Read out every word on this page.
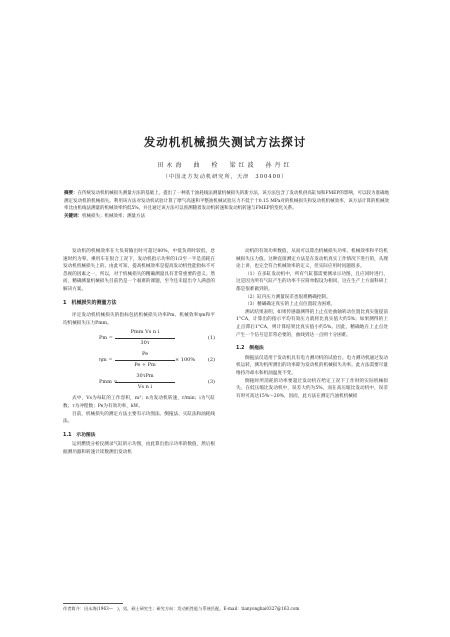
发动机机械损失测试方法探讨
田永海　曲　栓　梁红波　孙丹红
（中国北方发动机研究所，天津　300400）
摘要：在传统发动机机械损失测量方法的基础上，提出了一种基于油耗线法测量机械损失的新方法，该方法包含了发动机供高缸加和FMEP的影响，可以较为准确地测定发动机的机械损失。利用该方法对发动机试验计算了摩气高速和平整油机械试验压力不低于十0.15 MPa对的机械损失和发动机机械效率，该方法计算的机械效率比由机线法测量的机械效率约低5%，并且通过该方法可以预测随着发动机转速和发动机转速与FMEP的变化关系。
关键词：机械损失；机械效率；测量方法

发动机的机械效率在大负荷输出时可超过80%，中低负荷时较低，怠速时约为零。乘用车在很合工况下，发动机指示功率的1/3至一半是消耗在发动机机械损失上的。由此可知，提高机械效率是提高发动机性能指标不可忽视的因素之一，所以，对于机械损失的精确测量具有非常重要的意义。然而，精确测量机械损失目前仍是一个艰难的课题，至今还未提出令人满意的解决方案。

1　机械损失的测量方法

评定发动机机械损失的指标包括机械损失功率Pm、机械效率ηm和平均机械损失压力Pmm。

Pm =
Pmm Vs n i
30τ
(1)
$\eta m = \frac{Pe}{Pe + Pm} \times 100\%$	(2)
Pmm =
30τPm
Vs n i
(3)

式中，Vs为每缸的工作容积，m³；n为发动机转速，r/min；i为气缸数；τ为冲程数；Pe为有效功率，kW。

目前，机械损失的测定方法主要有示功图法、倒拖法、灭缸法和油耗线法。

1.1　示功图法

运用燃烧分析仪测录气缸的示功图，由此算出指示功率的数值，然后根据测功器和转速计读数测出发动机

动机的有效功率数值，从而可以算出机械损失功率、机械效率和平均机械损失压力值。这种直接测定方法是在发动机真实工作情况下进行的，从理论上讲，也完全符合机械效率的定义，但实际应用时问题很多。

（1）在多缸发动机中，所有气缸都需要测录示功图，且应同时进行，这是因为所有气缸产生的功率不应简单假设为相同，这在生产上方面科研上都是很难做到的。

（2）缸内压力测量误差也很难精确控制。

（3）精确确定真实的上止点位置较为困难。

测试结果表明，如果传感器测得的上止点处曲轴转动位置比真实值提前1°CA，计算出的指示平均有效压力就将比真实值大约5%；如果测得的上止点滞后1°CA，则计算结果比真实值小约5%。因此，精确地在上止点处产生一个信号是非常必要的，曲线到达一点则十分困难。

1.2　倒拖法

倒拖法仅适用于发动机具有电力测功机的试验台。电力测功机通过发动机运转，测功机所测出的功率即为发动机的机械损失功率。此方法需要尽量维持冷却水和机油温度不变。

倒拖时所消耗的功率要超过发动机在给定工况下工作时的实际机械损失。在低压缩比发动机中，误差大约为5%，而在高压缩比发动机中，误差有时可高达15%～20%，因而，此方法在测定汽油机机械损

作者简介：田永海(1963—　)，男，硕士研究生；研究方向：发动机性能与系统匹配。E-mail：tianyonghai0327@163.com
